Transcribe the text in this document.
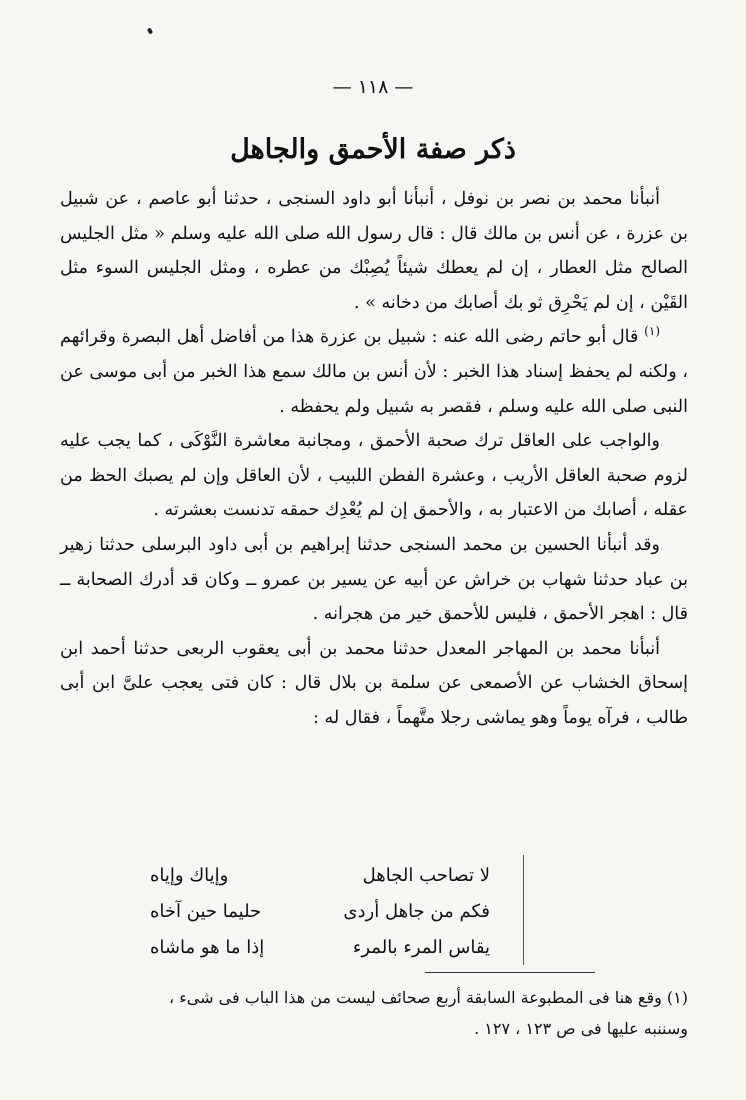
— ١١٨ —
ذكر صفة الأحمق والجاهل

أنبأنا محمد بن نصر بن نوفل ، أنبأنا أبو داود السنجى ، حدثنا أبو عاصم ، عن شبيل بن عزرة ، عن أنس بن مالك قال : قال رسول الله صلى الله عليه وسلم « مثل الجليس الصالح مثل العطار ، إن لم يعطك شيئاً يُصِبْك من عطره ، ومثل الجليس السوء مثل القَيْن ، إن لم يَحْرِق ثو بك أصابك من دخانه » .

$^{(١)}$ قال أبو حاتم رضى الله عنه : شبيل بن عزرة هذا من أفاضل أهل البصرة وقرائهم ، ولكنه لم يحفظ إسناد هذا الخبر : لأن أنس بن مالك سمع هذا الخبر من أبى موسى عن النبى صلى الله عليه وسلم ، فقصر به شبيل ولم يحفظه .

والواجب على العاقل ترك صحبة الأحمق ، ومجانبة معاشرة النَّوْكَى ، كما يجب عليه لزوم صحبة العاقل الأريب ، وعشرة الفطن اللبيب ، لأن العاقل وإن لم يصبك الحظ من عقله ، أصابك من الاعتبار به ، والأحمق إن لم يُعْدِك حمقه تدنست بعشرته .

وقد أنبأنا الحسين بن محمد السنجى حدثنا إبراهيم بن أبى داود البرسلى حدثنا زهير بن عباد حدثنا شهاب بن خراش عن أبيه عن يسير بن عمرو ــ وكان قد أدرك الصحابة ــ قال : اهجر الأحمق ، فليس للأحمق خير من هجرانه .

أنبأنا محمد بن المهاجر المعدل حدثنا محمد بن أبى يعقوب الربعى حدثنا أحمد ابن إسحاق الخشاب عن الأصمعى عن سلمة بن بلال قال : كان فتى يعجب علىَّ ابن أبى طالب ، فرآه يوماً وهو يماشى رجلا متَّهماً ، فقال له :

لا تصاحب الجاهل
وإياك وإياه
فكم من جاهل أردى
حليما حين آخاه
يقاس المرء بالمرء
إذا ما هو ماشاه
(١) وقع هنا فى المطبوعة السابقة أربع صحائف ليست من هذا الباب فى شىء ،
وسننبه عليها فى ص ١٢٣ ، ١٢٧ .
